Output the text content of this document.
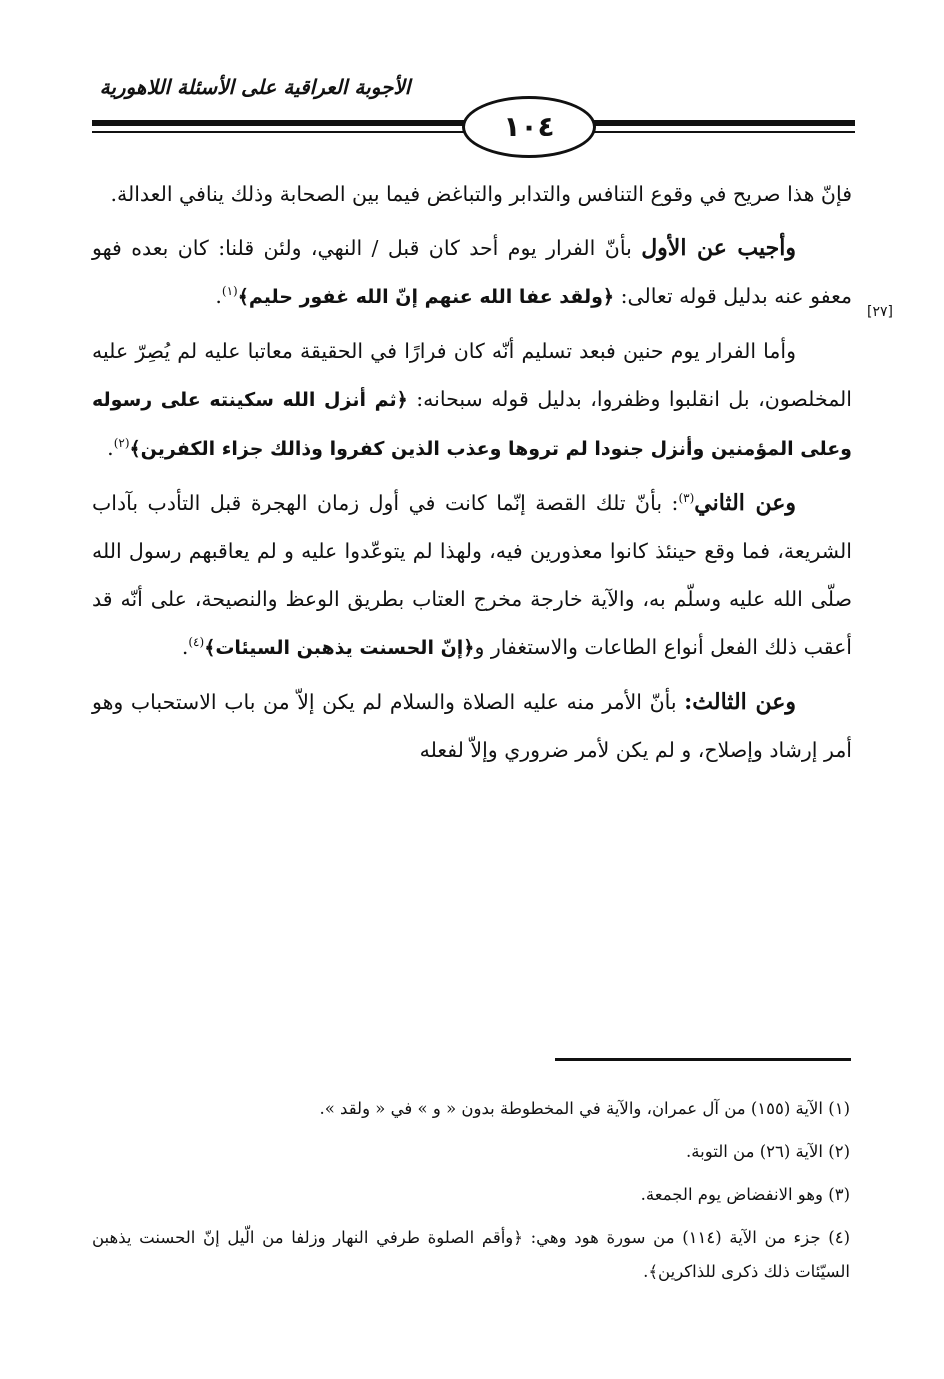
الأجوبة العراقية على الأسئلة اللاهورية
١٠٤
[٢٧]

فإنّ هذا صريح في وقوع التنافس والتدابر والتباغض فيما بين الصحابة وذلك ينافي العدالة.

وأجيب عن الأول بأنّ الفرار يوم أحد كان قبل / النهي، ولئن قلنا: كان بعده فهو معفو عنه بدليل قوله تعالى: ﴿ولقد عفا الله عنهم إنّ الله غفور حليم﴾$^{(١)}$.

وأما الفرار يوم حنين فبعد تسليم أنّه كان فرارًا في الحقيقة معاتبا عليه لم يُصِرّ عليه المخلصون، بل انقلبوا وظفروا، بدليل قوله سبحانه: ﴿ثم أنزل الله سكينته على رسوله وعلى المؤمنين وأنزل جنودا لم تروها وعذب الذين كفروا وذالك جزاء الكفرين﴾$^{(٢)}$.

وعن الثاني$^{(٣)}$: بأنّ تلك القصة إنّما كانت في أول زمان الهجرة قبل التأدب بآداب الشريعة، فما وقع حينئذ كانوا معذورين فيه، ولهذا لم يتوعّدوا عليه و لم يعاقبهم رسول الله صلّى الله عليه وسلّم به، والآية خارجة مخرج العتاب بطريق الوعظ والنصيحة، على أنّه قد أعقب ذلك الفعل أنواع الطاعات والاستغفار و﴿إنّ الحسنت يذهبن السيئات﴾$^{(٤)}$.

وعن الثالث: بأنّ الأمر منه عليه الصلاة والسلام لم يكن إلاّ من باب الاستحباب وهو أمر إرشاد وإصلاح، و لم يكن لأمر ضروري وإلاّ لفعله

(١) الآية (١٥٥) من آل عمران، والآية في المخطوطة بدون « و » في « ولقد ».

(٢) الآية (٢٦) من التوبة.

(٣) وهو الانفضاض يوم الجمعة.

(٤) جزء من الآية (١١٤) من سورة هود وهي: ﴿وأقم الصلوة طرفي النهار وزلفا من الّيل إنّ الحسنت يذهبن السيّئات ذلك ذكرى للذاكرين﴾.
